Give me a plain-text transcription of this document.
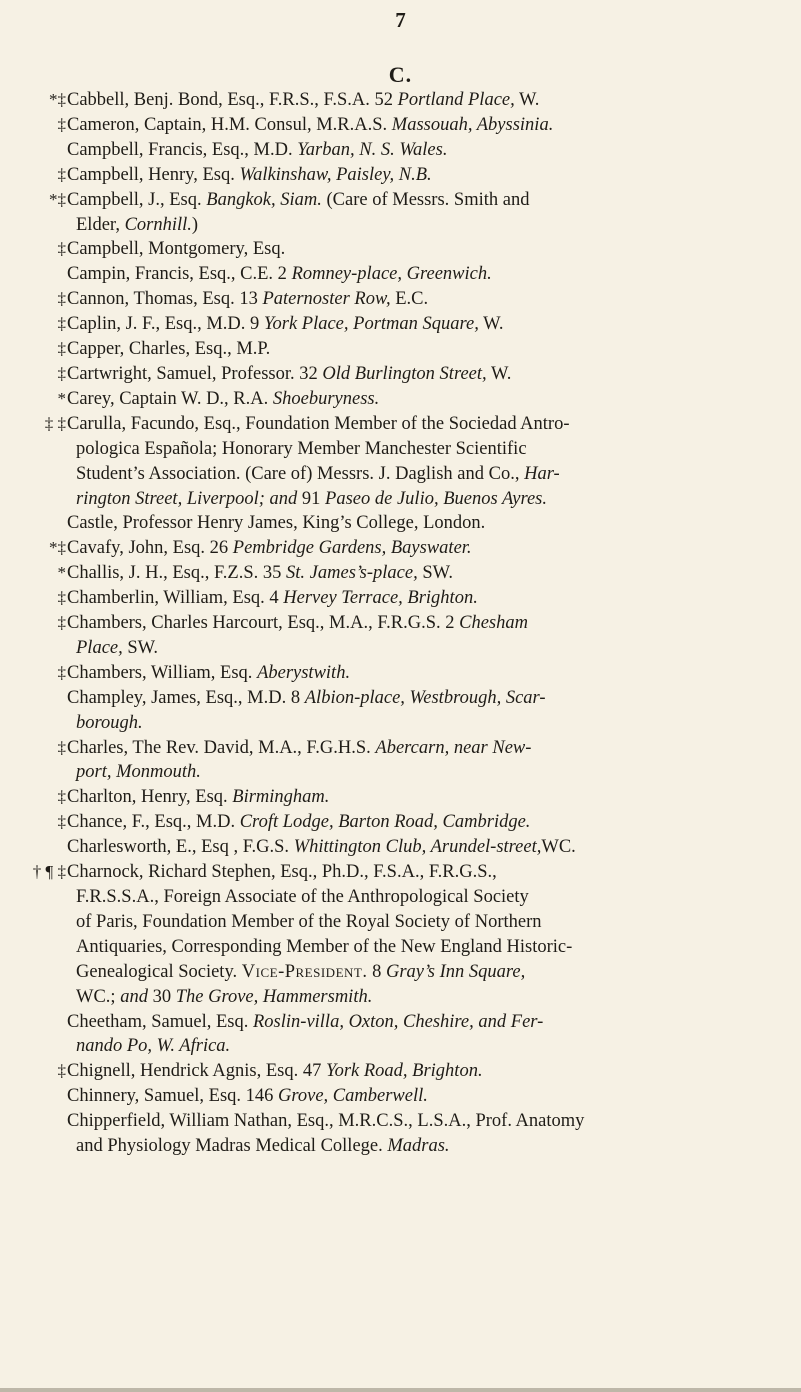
7
C.
*‡ Cabbell, Benj. Bond, Esq., F.R.S., F.S.A. 52 Portland Place, W.
‡ Cameron, Captain, H.M. Consul, M.R.A.S. Massouah, Abyssinia.
Campbell, Francis, Esq., M.D. Yarban, N. S. Wales.
‡ Campbell, Henry, Esq. Walkinshaw, Paisley, N.B.
*‡ Campbell, J., Esq. Bangkok, Siam. (Care of Messrs. Smith and
Elder, Cornhill.)
‡ Campbell, Montgomery, Esq.
Campin, Francis, Esq., C.E. 2 Romney-place, Greenwich.
‡ Cannon, Thomas, Esq. 13 Paternoster Row, E.C.
‡ Caplin, J. F., Esq., M.D. 9 York Place, Portman Square, W.
‡ Capper, Charles, Esq., M.P.
‡ Cartwright, Samuel, Professor. 32 Old Burlington Street, W.
* Carey, Captain W. D., R.A. Shoeburyness.
‡ ‡ Carulla, Facundo, Esq., Foundation Member of the Sociedad Antro-
pologica Española; Honorary Member Manchester Scientific
Student’s Association. (Care of) Messrs. J. Daglish and Co., Har-
rington Street, Liverpool; and 91 Paseo de Julio, Buenos Ayres.
Castle, Professor Henry James, King’s College, London.
*‡ Cavafy, John, Esq. 26 Pembridge Gardens, Bayswater.
* Challis, J. H., Esq., F.Z.S. 35 St. James’s-place, SW.
‡ Chamberlin, William, Esq. 4 Hervey Terrace, Brighton.
‡ Chambers, Charles Harcourt, Esq., M.A., F.R.G.S. 2 Chesham
Place, SW.
‡ Chambers, William, Esq. Aberystwith.
Champley, James, Esq., M.D. 8 Albion-place, Westbrough, Scar-
borough.
‡ Charles, The Rev. David, M.A., F.G.H.S. Abercarn, near New-
port, Monmouth.
‡ Charlton, Henry, Esq. Birmingham.
‡ Chance, F., Esq., M.D. Croft Lodge, Barton Road, Cambridge.
Charlesworth, E., Esq , F.G.S. Whittington Club, Arundel-street,WC.
† ¶ ‡ Charnock, Richard Stephen, Esq., Ph.D., F.S.A., F.R.G.S.,
F.R.S.S.A., Foreign Associate of the Anthropological Society
of Paris, Foundation Member of the Royal Society of Northern
Antiquaries, Corresponding Member of the New England Historic-
Genealogical Society. Vice-President. 8 Gray’s Inn Square,
WC.; and 30 The Grove, Hammersmith.
Cheetham, Samuel, Esq. Roslin-villa, Oxton, Cheshire, and Fer-
nando Po, W. Africa.
‡ Chignell, Hendrick Agnis, Esq. 47 York Road, Brighton.
Chinnery, Samuel, Esq. 146 Grove, Camberwell.
Chipperfield, William Nathan, Esq., M.R.C.S., L.S.A., Prof. Anatomy
and Physiology Madras Medical College. Madras.
